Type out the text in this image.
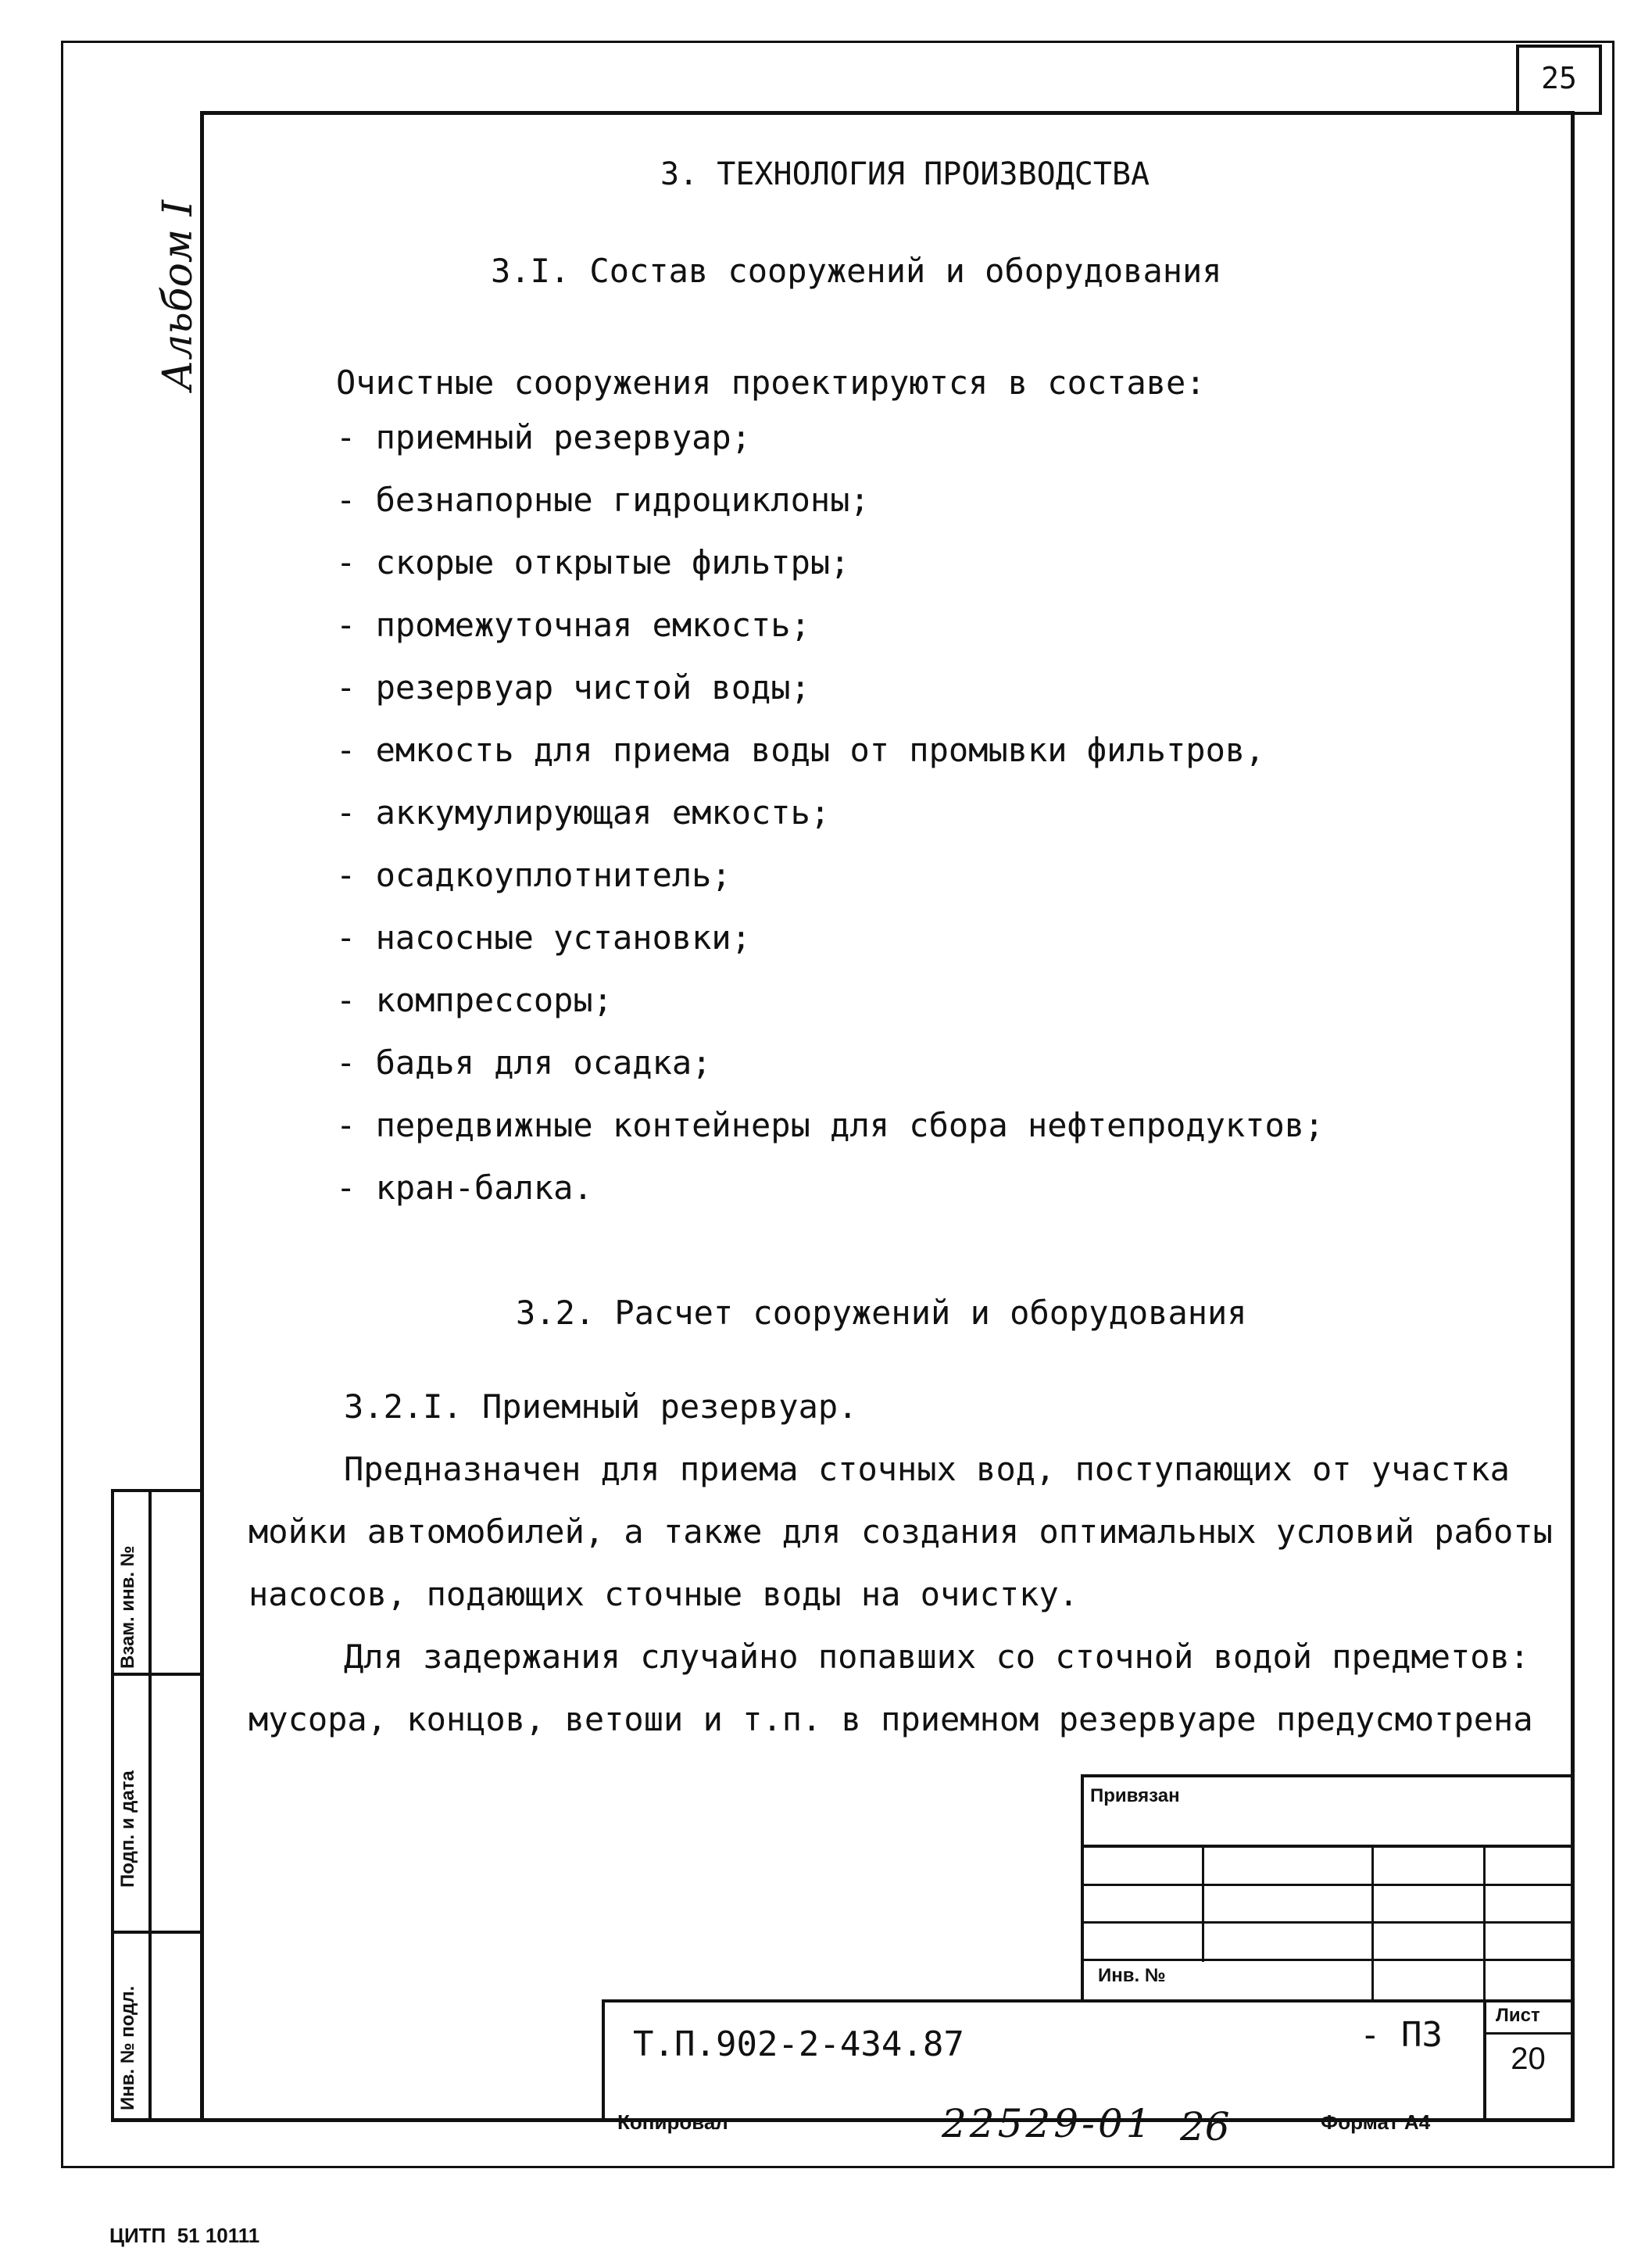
25
Альбом I
Взам. инв. №
Подп. и дата
Инв. № подл.
3. ТЕХНОЛОГИЯ ПРОИЗВОДСТВА
3.I. Состав сооружений и оборудования
Очистные сооружения проектируются в составе:
- приемный резервуар;
- безнапорные гидроциклоны;
- скорые открытые фильтры;
- промежуточная емкость;
- резервуар чистой воды;
- емкость для приема воды от промывки фильтров,
- аккумулирующая емкость;
- осадкоуплотнитель;
- насосные установки;
- компрессоры;
- бадья для осадка;
- передвижные контейнеры для сбора нефтепродуктов;
- кран-балка.
3.2. Расчет сооружений и оборудования
3.2.I. Приемный резервуар.
Предназначен для приема сточных вод, поступающих от участка
мойки автомобилей, а также для создания оптимальных условий работы
насосов, подающих сточные воды на очистку.
Для задержания случайно попавших со сточной водой предметов:
мусора, концов, ветоши и т.п. в приемном резервуаре предусмотрена
Привязан
Инв. №
Т.П.902-2-434.87	- ПЗ	Лист
20
Копировал	22529-01 26	Формат А4
ЦИТП  51 10111
